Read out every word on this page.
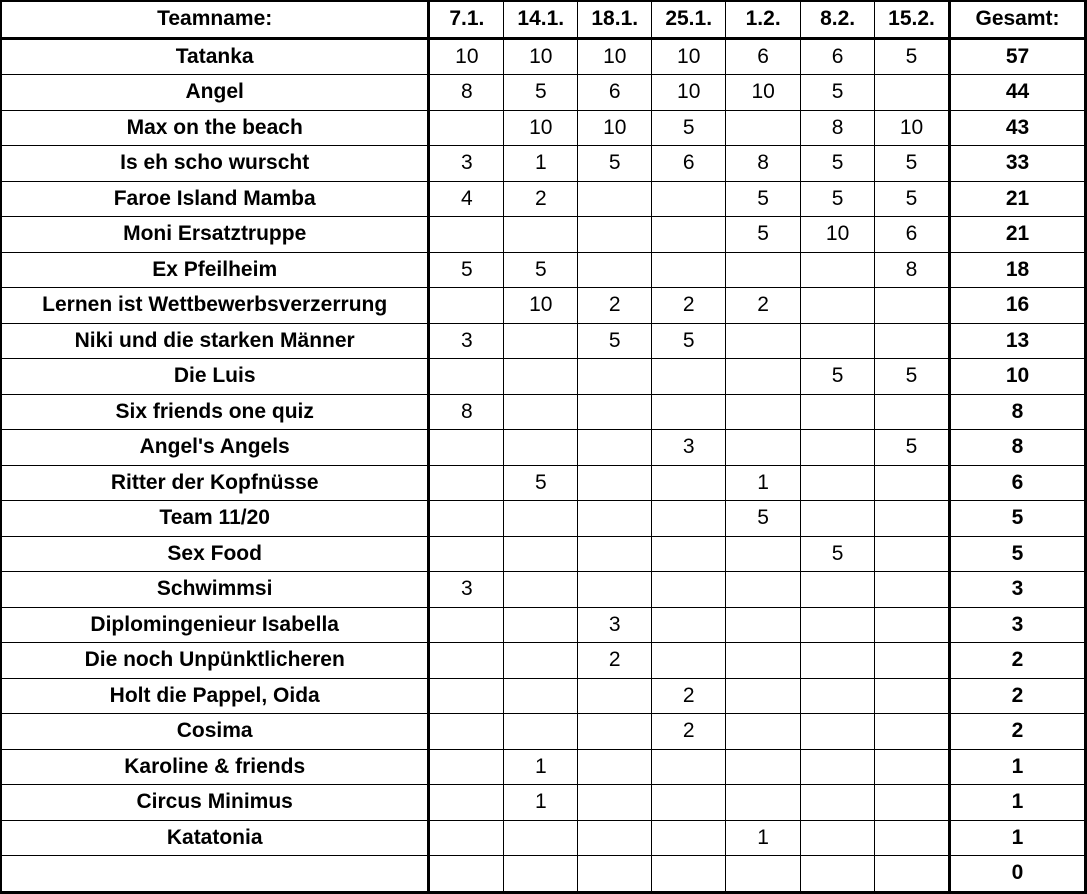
Teamname:	7.1.	14.1.	18.1.	25.1.	1.2.	8.2.	15.2.	Gesamt:
Tatanka	10	10	10	10	6	6	5	57
Angel	8	5	6	10	10	5		44
Max on the beach		10	10	5		8	10	43
Is eh scho wurscht	3	1	5	6	8	5	5	33
Faroe Island Mamba	4	2			5	5	5	21
Moni Ersatztruppe					5	10	6	21
Ex Pfeilheim	5	5					8	18
Lernen ist Wettbewerbsverzerrung		10	2	2	2			16
Niki und die starken Männer	3		5	5				13
Die Luis						5	5	10
Six friends one quiz	8							8
Angel's Angels				3			5	8
Ritter der Kopfnüsse		5			1			6
Team 11/20					5			5
Sex Food						5		5
Schwimmsi	3							3
Diplomingenieur Isabella			3					3
Die noch Unpünktlicheren			2					2
Holt die Pappel, Oida				2				2
Cosima				2				2
Karoline & friends		1						1
Circus Minimus		1						1
Katatonia					1			1
								0
